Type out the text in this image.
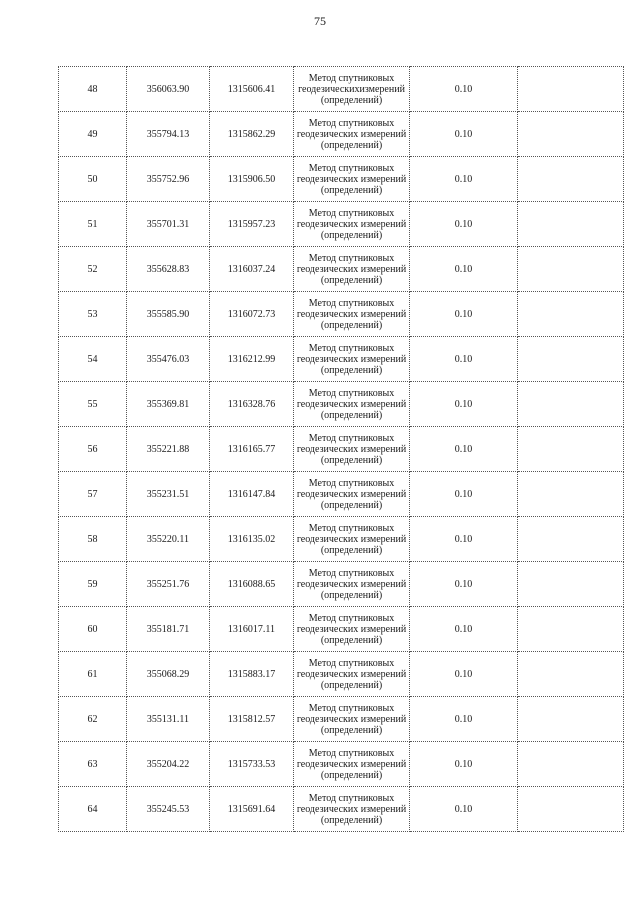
75
48	356063.90	1315606.41	Метод спутниковых
геодезическихизмерений
(определений)	0.10	
49	355794.13	1315862.29	Метод спутниковых
геодезических измерений
(определений)	0.10	
50	355752.96	1315906.50	Метод спутниковых
геодезических измерений
(определений)	0.10	
51	355701.31	1315957.23	Метод спутниковых
геодезических измерений
(определений)	0.10	
52	355628.83	1316037.24	Метод спутниковых
геодезических измерений
(определений)	0.10	
53	355585.90	1316072.73	Метод спутниковых
геодезических измерений
(определений)	0.10	
54	355476.03	1316212.99	Метод спутниковых
геодезических измерений
(определений)	0.10	
55	355369.81	1316328.76	Метод спутниковых
геодезических измерений
(определений)	0.10	
56	355221.88	1316165.77	Метод спутниковых
геодезических измерений
(определений)	0.10	
57	355231.51	1316147.84	Метод спутниковых
геодезических измерений
(определений)	0.10	
58	355220.11	1316135.02	Метод спутниковых
геодезических измерений
(определений)	0.10	
59	355251.76	1316088.65	Метод спутниковых
геодезических измерений
(определений)	0.10	
60	355181.71	1316017.11	Метод спутниковых
геодезических измерений
(определений)	0.10	
61	355068.29	1315883.17	Метод спутниковых
геодезических измерений
(определений)	0.10	
62	355131.11	1315812.57	Метод спутниковых
геодезических измерений
(определений)	0.10	
63	355204.22	1315733.53	Метод спутниковых
геодезических измерений
(определений)	0.10	
64	355245.53	1315691.64	Метод спутниковых
геодезических измерений
(определений)	0.10	
